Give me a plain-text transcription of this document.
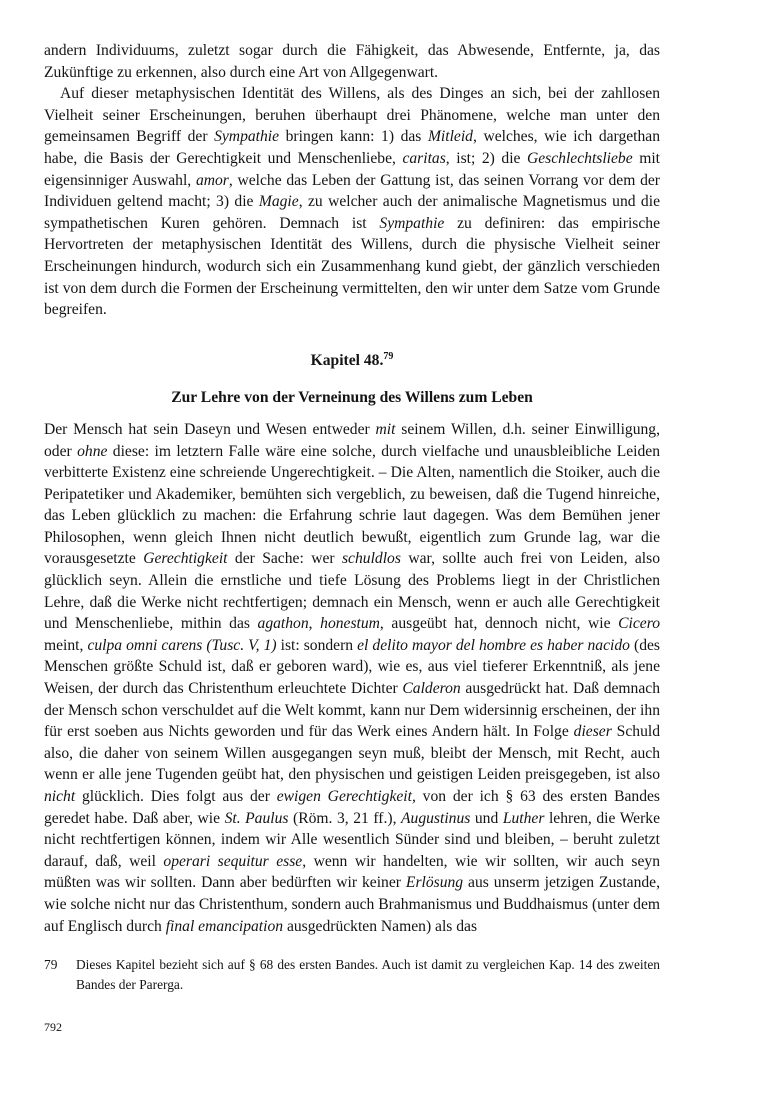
andern Individuums, zuletzt sogar durch die Fähigkeit, das Abwesende, Entfernte, ja, das Zukünftige zu erkennen, also durch eine Art von Allgegenwart.

Auf dieser metaphysischen Identität des Willens, als des Dinges an sich, bei der zahllosen Vielheit seiner Erscheinungen, beruhen überhaupt drei Phänomene, welche man unter den gemeinsamen Begriff der Sympathie bringen kann: 1) das Mitleid, welches, wie ich dargethan habe, die Basis der Gerechtigkeit und Menschenliebe, caritas, ist; 2) die Geschlechtsliebe mit eigensinniger Auswahl, amor, welche das Leben der Gattung ist, das seinen Vorrang vor dem der Individuen geltend macht; 3) die Magie, zu welcher auch der animalische Magnetismus und die sympathetischen Kuren gehören. Demnach ist Sympathie zu definiren: das empirische Hervortreten der metaphysischen Identität des Willens, durch die physische Vielheit seiner Erscheinungen hindurch, wodurch sich ein Zusammenhang kund giebt, der gänzlich verschieden ist von dem durch die Formen der Erscheinung vermittelten, den wir unter dem Satze vom Grunde begreifen.

Kapitel 48.79
Zur Lehre von der Verneinung des Willens zum Leben

Der Mensch hat sein Daseyn und Wesen entweder mit seinem Willen, d.h. seiner Einwilligung, oder ohne diese: im letztern Falle wäre eine solche, durch vielfache und unausbleibliche Leiden verbitterte Existenz eine schreiende Ungerechtigkeit. – Die Alten, namentlich die Stoiker, auch die Peripatetiker und Akademiker, bemühten sich vergeblich, zu beweisen, daß die Tugend hinreiche, das Leben glücklich zu machen: die Erfahrung schrie laut dagegen. Was dem Bemühen jener Philosophen, wenn gleich Ihnen nicht deutlich bewußt, eigentlich zum Grunde lag, war die vorausgesetzte Gerechtigkeit der Sache: wer schuldlos war, sollte auch frei von Leiden, also glücklich seyn. Allein die ernstliche und tiefe Lösung des Problems liegt in der Christlichen Lehre, daß die Werke nicht rechtfertigen; demnach ein Mensch, wenn er auch alle Gerechtigkeit und Menschenliebe, mithin das agathon, honestum, ausgeübt hat, dennoch nicht, wie Cicero meint, culpa omni carens (Tusc. V, 1) ist: sondern el delito mayor del hombre es haber nacido (des Menschen größte Schuld ist, daß er geboren ward), wie es, aus viel tieferer Erkenntniß, als jene Weisen, der durch das Christenthum erleuchtete Dichter Calderon ausgedrückt hat. Daß demnach der Mensch schon verschuldet auf die Welt kommt, kann nur Dem widersinnig erscheinen, der ihn für erst soeben aus Nichts geworden und für das Werk eines Andern hält. In Folge dieser Schuld also, die daher von seinem Willen ausgegangen seyn muß, bleibt der Mensch, mit Recht, auch wenn er alle jene Tugenden geübt hat, den physischen und geistigen Leiden preisgegeben, ist also nicht glücklich. Dies folgt aus der ewigen Gerechtigkeit, von der ich § 63 des ersten Bandes geredet habe. Daß aber, wie St. Paulus (Röm. 3, 21 ff.), Augustinus und Luther lehren, die Werke nicht rechtfertigen können, indem wir Alle wesentlich Sünder sind und bleiben, – beruht zuletzt darauf, daß, weil operari sequitur esse, wenn wir handelten, wie wir sollten, wir auch seyn müßten was wir sollten. Dann aber bedürften wir keiner Erlösung aus unserm jetzigen Zustande, wie solche nicht nur das Christenthum, sondern auch Brahmanismus und Buddhaismus (unter dem auf Englisch durch final emancipation ausgedrückten Namen) als das

79	Dieses Kapitel bezieht sich auf § 68 des ersten Bandes. Auch ist damit zu vergleichen Kap. 14 des zweiten Bandes der Parerga.
792
